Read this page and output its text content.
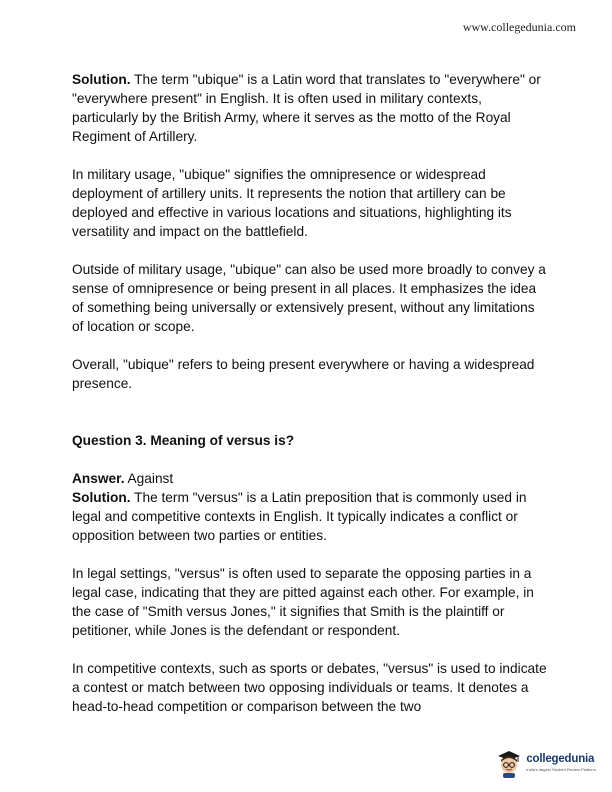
www.collegedunia.com

Solution. The term "ubique" is a Latin word that translates to "everywhere" or "everywhere present" in English. It is often used in military contexts, particularly by the British Army, where it serves as the motto of the Royal Regiment of Artillery.

In military usage, "ubique" signifies the omnipresence or widespread deployment of artillery units. It represents the notion that artillery can be deployed and effective in various locations and situations, highlighting its versatility and impact on the battlefield.

Outside of military usage, "ubique" can also be used more broadly to convey a sense of omnipresence or being present in all places. It emphasizes the idea of something being universally or extensively present, without any limitations of location or scope.

Overall, "ubique" refers to being present everywhere or having a widespread presence.

Question 3. Meaning of versus is?

Answer. Against

Solution. The term "versus" is a Latin preposition that is commonly used in legal and competitive contexts in English. It typically indicates a conflict or opposition between two parties or entities.

In legal settings, "versus" is often used to separate the opposing parties in a legal case, indicating that they are pitted against each other. For example, in the case of "Smith versus Jones," it signifies that Smith is the plaintiff or petitioner, while Jones is the defendant or respondent.

In competitive contexts, such as sports or debates, "versus" is used to indicate a contest or match between two opposing individuals or teams. It denotes a head-to-head competition or comparison between the two

collegedunia
India's largest Student Review Platform
